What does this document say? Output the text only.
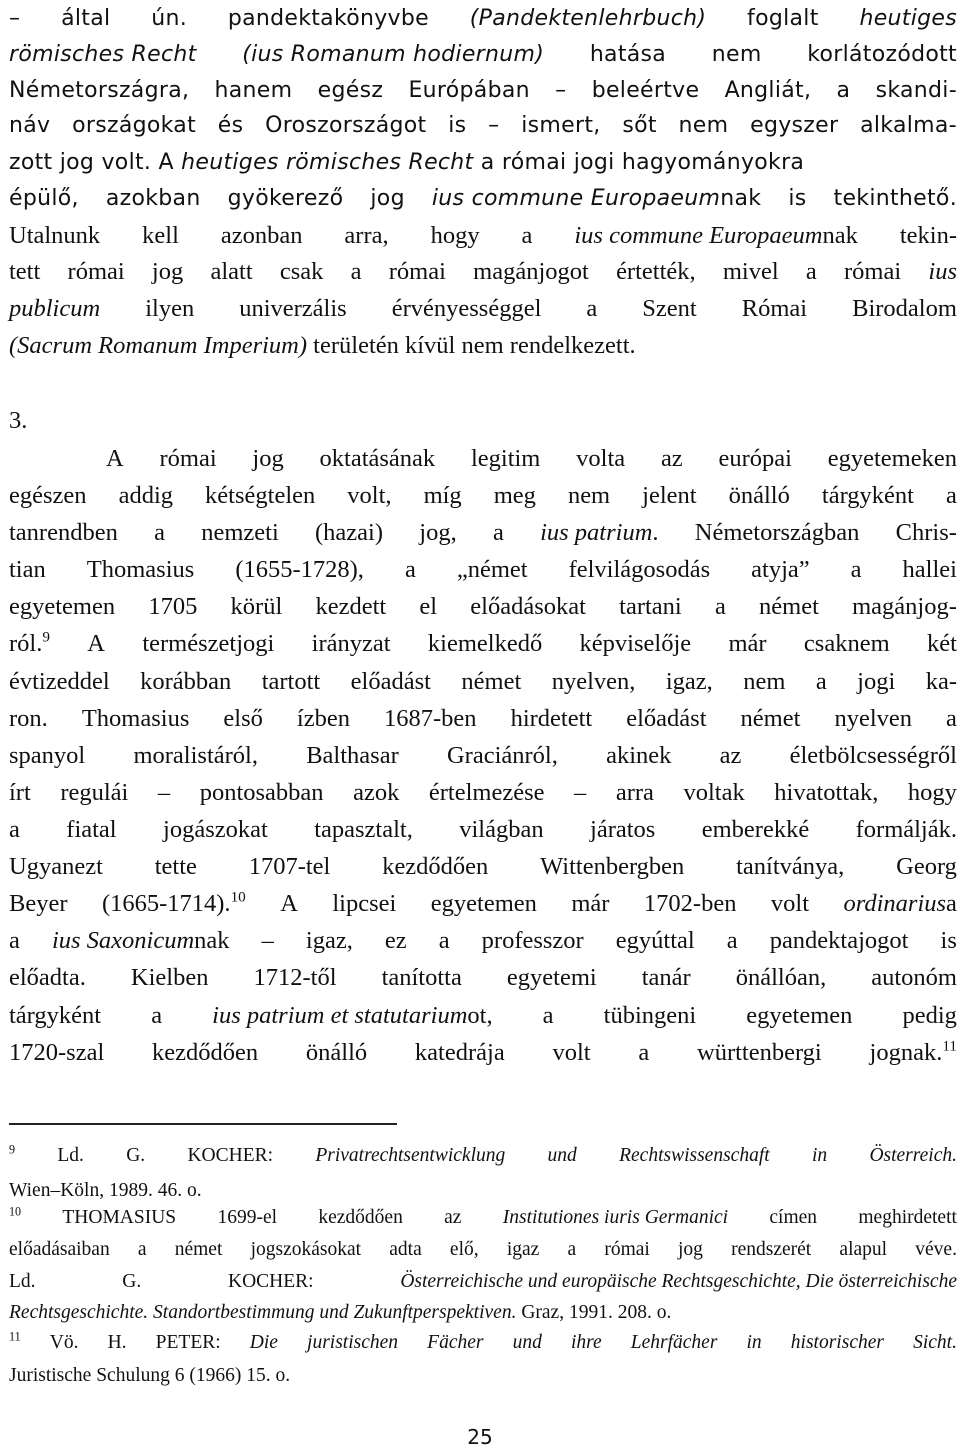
– által ún. pandektakönyvbe (Pandektenlehrbuch) foglalt heutiges
römisches Recht (ius Romanum hodiernum) hatása nem korlátozódott
Németországra, hanem egész Európában – beleértve Angliát, a skandi-
náv országokat és Oroszországot is – ismert, sőt nem egyszer alkalma-
zott jog volt. A heutiges römisches Recht a római jogi hagyományokra
épülő, azokban gyökerező jog ius commune Europaeumnak is tekinthető.
Utalnunk kell azonban arra, hogy a ius commune Europaeumnak tekin-
tett római jog alatt csak a római magánjogot értették, mivel a római ius
publicum ilyen univerzális érvényességgel a Szent Római Birodalom
(Sacrum Romanum Imperium) területén kívül nem rendelkezett.
3.
A római jog oktatásának legitim volta az európai egyetemeken
egészen addig kétségtelen volt, míg meg nem jelent önálló tárgyként a
tanrendben a nemzeti (hazai) jog, a ius patrium. Németországban Chris-
tian Thomasius (1655-1728), a „német felvilágosodás atyja” a hallei
egyetemen 1705 körül kezdett el előadásokat tartani a német magánjog-
ról.$^9$ A természetjogi irányzat kiemelkedő képviselője már csaknem két
évtizeddel korábban tartott előadást német nyelven, igaz, nem a jogi ka-
ron. Thomasius első ízben 1687-ben hirdetett előadást német nyelven a
spanyol moralistáról, Balthasar Graciánról, akinek az életbölcsességről
írt regulái – pontosabban azok értelmezése – arra voltak hivatottak, hogy
a fiatal jogászokat tapasztalt, világban járatos emberekké formálják.
Ugyanezt tette 1707-tel kezdődően Wittenbergben tanítványa, Georg
Beyer (1665-1714).$^{10}$ A lipcsei egyetemen már 1702-ben volt ordinariusa
a ius Saxonicumnak – igaz, ez a professzor egyúttal a pandektajogot is
előadta. Kielben 1712-től tanította egyetemi tanár önállóan, autonóm
tárgyként a ius patrium et statutariumot, a tübingeni egyetemen pedig
1720-szal kezdődően önálló katedrája volt a württenbergi jognak.$^{11}$
$^9$ Ld. G. KOCHER: Privatrechtsentwicklung und Rechtswissenschaft in Österreich.
Wien–Köln, 1989. 46. o.
$^{10}$ THOMASIUS 1699-el kezdődően az Institutiones iuris Germanici címen meghirdetett
előadásaiban a német jogszokásokat adta elő, igaz a római jog rendszerét alapul véve.
Ld.	G.	KOCHER:	Österreichische und europäische Rechtsgeschichte, Die österreichische
Rechtsgeschichte. Standortbestimmung und Zukunftperspektiven. Graz, 1991. 208. o.
$^{11}$ Vö. H. PETER: Die juristischen Fächer und ihre Lehrfächer in historischer Sicht.
Juristische Schulung 6 (1966) 15. o.
25
